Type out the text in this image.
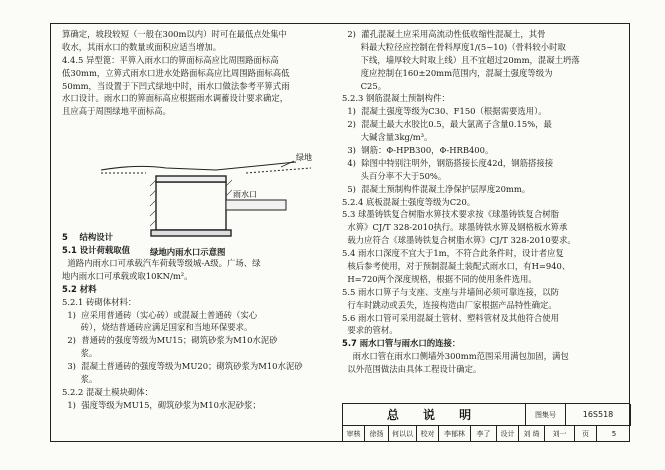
算确定，坡段较短（一般在300m以内）时可在最低点处集中
收水，其雨水口的数量或面积应适当增加。
4.4.5 异型篦：平箅入雨水口的箅面标高应比周围路面标高
低30mm，立箅式雨水口进水处路面标高应比周围路面标高低
50mm，当设置于下凹式绿地中时，雨水口做法参考平箅式雨
水口设计。雨水口的箅面标高应根据雨水调蓄设计要求确定，
且应高于周围绿地平面标高。
5    结构设计
5.1 设计荷载取值
道路内雨水口可承载汽车荷载等级城-A级。广场、绿
地内雨水口可承载或取10KN/m²。
5.2 材料
5.2.1 砖砌体材料：
1)  应采用普通砖（实心砖）或混凝土普通砖（实心
砖），烧结普通砖应满足国家和当地环保要求。
2)  普通砖的强度等级为MU15；砌筑砂浆为M10水泥砂
浆。
3)  混凝土普通砖的强度等级为MU20；砌筑砂浆为M10水泥砂
浆。
5.2.2 混凝土模块砌体：
1)  强度等级为MU15，砌筑砂浆为M10水泥砂浆；
雨水口
绿地
绿地内雨水口示意图
2)  灌孔混凝土应采用高流动性低收缩性混凝土，其骨
料最大粒径应控制在骨料厚度1/(5~10)（骨料较小时取
下线，墙厚较大时取上线）且不宜超过20mm，混凝土坍落
度应控制在160±20mm范围内，混凝土强度等级为
C25。
5.2.3 钢筋混凝土预制构件：
1)  混凝土强度等级为C30、F150（根据需要选用）。
2)  混凝土最大水胶比0.5，最大氯离子含量0.15%，最
大碱含量3kg/m³。
3)  钢筋：Φ-HPB300，Φ-HRB400。
4)  除图中特别注明外，钢筋搭接长度42d，钢筋搭接接
头百分率不大于50%。
5)  混凝土预制构件混凝土净保护层厚度20mm。
5.2.4 底板混凝土强度等级为C20。
5.3 球墨铸铁复合树脂水箅技术要求按《球墨铸铁复合树脂
水箅》CJ/T 328-2010执行。球墨铸铁水箅及钢格板水箅承
载力应符合《球墨铸铁复合树脂水箅》CJ/T 328-2010要求。
5.4 雨水口深度不宜大于1m，不符合此条件时，设计者应复
核后参考使用，对于预制混凝土装配式雨水口，有H=940、
H=720两个深度规格，根据不同的使用条件选用。
5.5 雨水口箅子与支座、支座与井墙间必须可靠连接，以防
行车时跳动或丢失，连接构造由厂家根据产品特性确定。
5.6 雨水口管可采用混凝土管材、塑料管材及其他符合使用
要求的管材。
5.7 雨水口管与雨水口的连接：
雨水口管在雨水口侧墙外300mm范围采用满包加固，满包
以外范围做法由具体工程设计确定。
总 说 明	图集号	16S518
审核	徐扬	何以以	校对	李郁林	李了	设计	刘 绮	刘一	页	5
